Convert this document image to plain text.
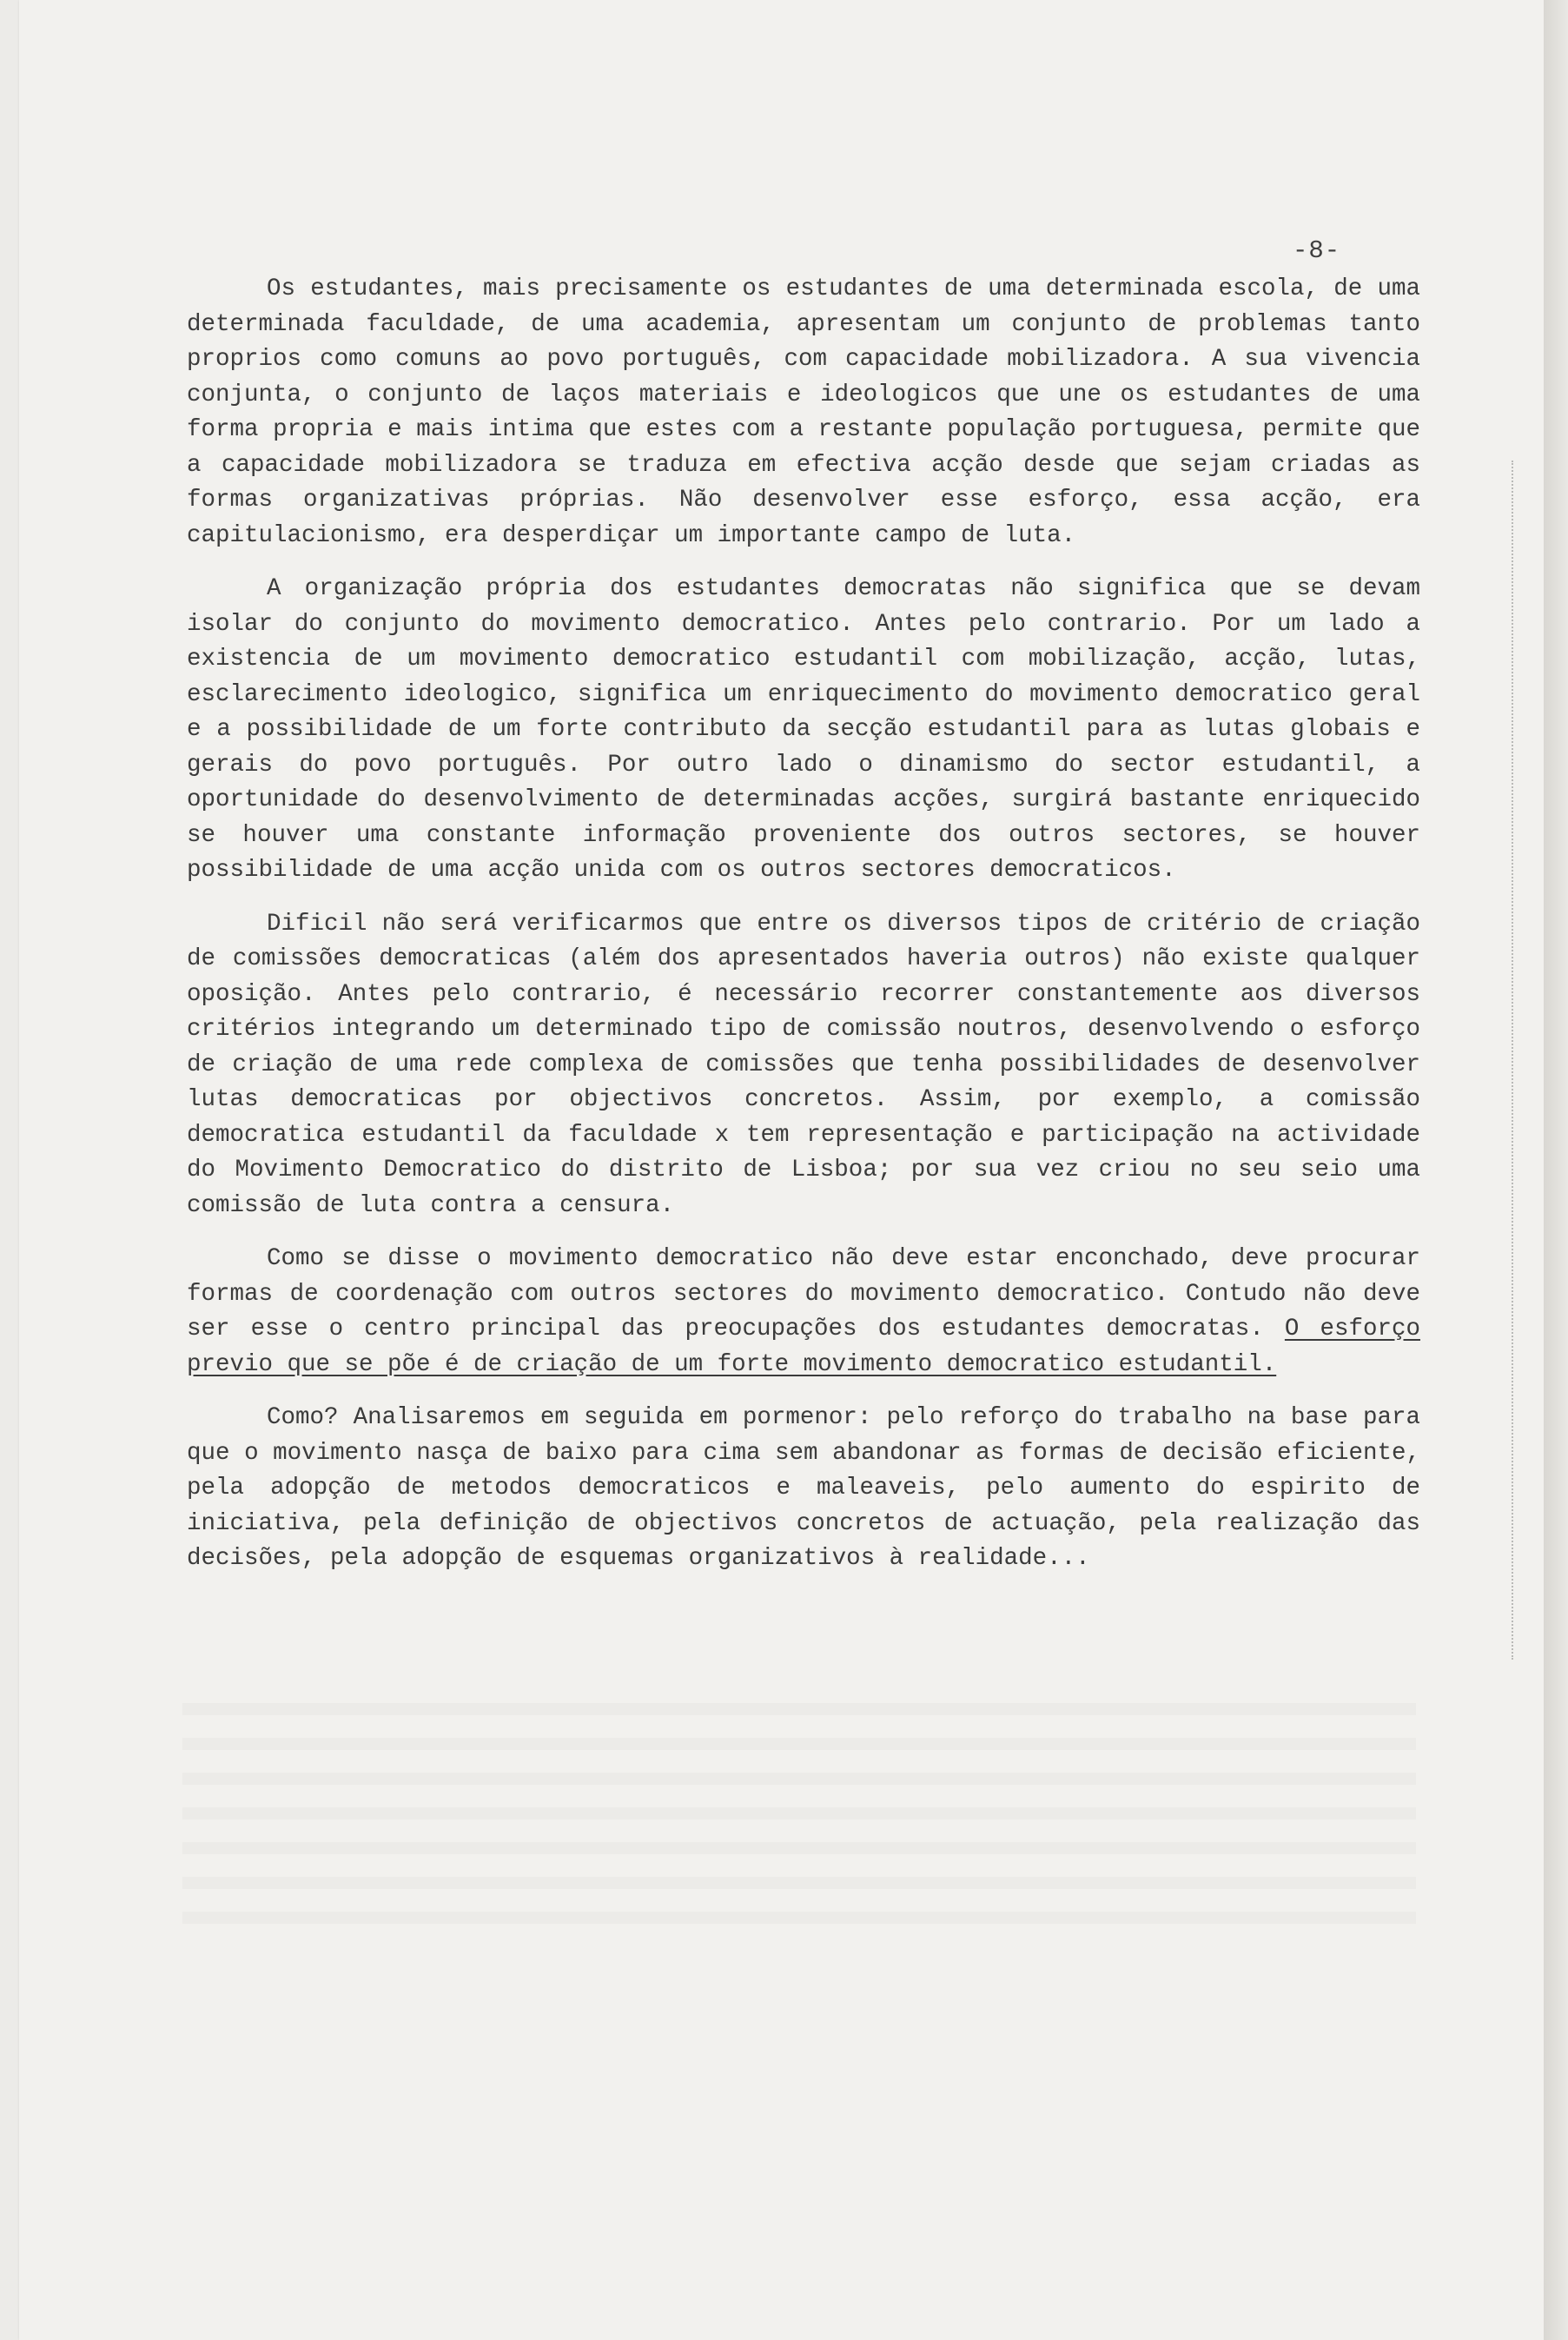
-8-

Os estudantes, mais precisamente os estudantes de uma determinada escola, de uma determinada faculdade, de uma academia, apresentam um conjunto de problemas tanto proprios como comuns ao povo português, com capacidade mobilizadora. A sua vivencia conjunta, o conjunto de laços materiais e ideologicos que une os estudantes de uma forma propria e mais intima que estes com a restante população portuguesa, permite que a capacidade mobilizadora se traduza em efectiva acção desde que sejam criadas as formas organizativas próprias. Não desenvolver esse esforço, essa acção, era capitulacionismo, era desperdiçar um importante campo de luta.

A organização própria dos estudantes democratas não significa que se devam isolar do conjunto do movimento democratico. Antes pelo contrario. Por um lado a existencia de um movimento democratico estudantil com mobilização, acção, lutas, esclarecimento ideologico, significa um enriquecimento do movimento democratico geral e a possibilidade de um forte contributo da secção estudantil para as lutas globais e gerais do povo português. Por outro lado o dinamismo do sector estudantil, a oportunidade do desenvolvimento de determinadas acções, surgirá bastante enriquecido se houver uma constante informação proveniente dos outros sectores, se houver possibilidade de uma acção unida com os outros sectores democraticos.

Dificil não será verificarmos que entre os diversos tipos de critério de criação de comissões democraticas (além dos apresentados haveria outros) não existe qualquer oposição. Antes pelo contrario, é necessário recorrer constantemente aos diversos critérios integrando um determinado tipo de comissão noutros, desenvolvendo o esforço de criação de uma rede complexa de comissões que tenha possibilidades de desenvolver lutas democraticas por objectivos concretos. Assim, por exemplo, a comissão democratica estudantil da faculdade x tem representação e participação na actividade do Movimento Democratico do distrito de Lisboa; por sua vez criou no seu seio uma comissão de luta contra a censura.

Como se disse o movimento democratico não deve estar enconchado, deve procurar formas de coordenação com outros sectores do movimento democratico. Contudo não deve ser esse o centro principal das preocupações dos estudantes democratas. O esforço previo que se põe é de criação de um forte movimento democratico estudantil.

Como? Analisaremos em seguida em pormenor: pelo reforço do trabalho na base para que o movimento nasça de baixo para cima sem abandonar as formas de decisão eficiente, pela adopção de metodos democraticos e maleaveis, pelo aumento do espirito de iniciativa, pela definição de objectivos concretos de actuação, pela realização das decisões, pela adopção de esquemas organizativos à realidade...
